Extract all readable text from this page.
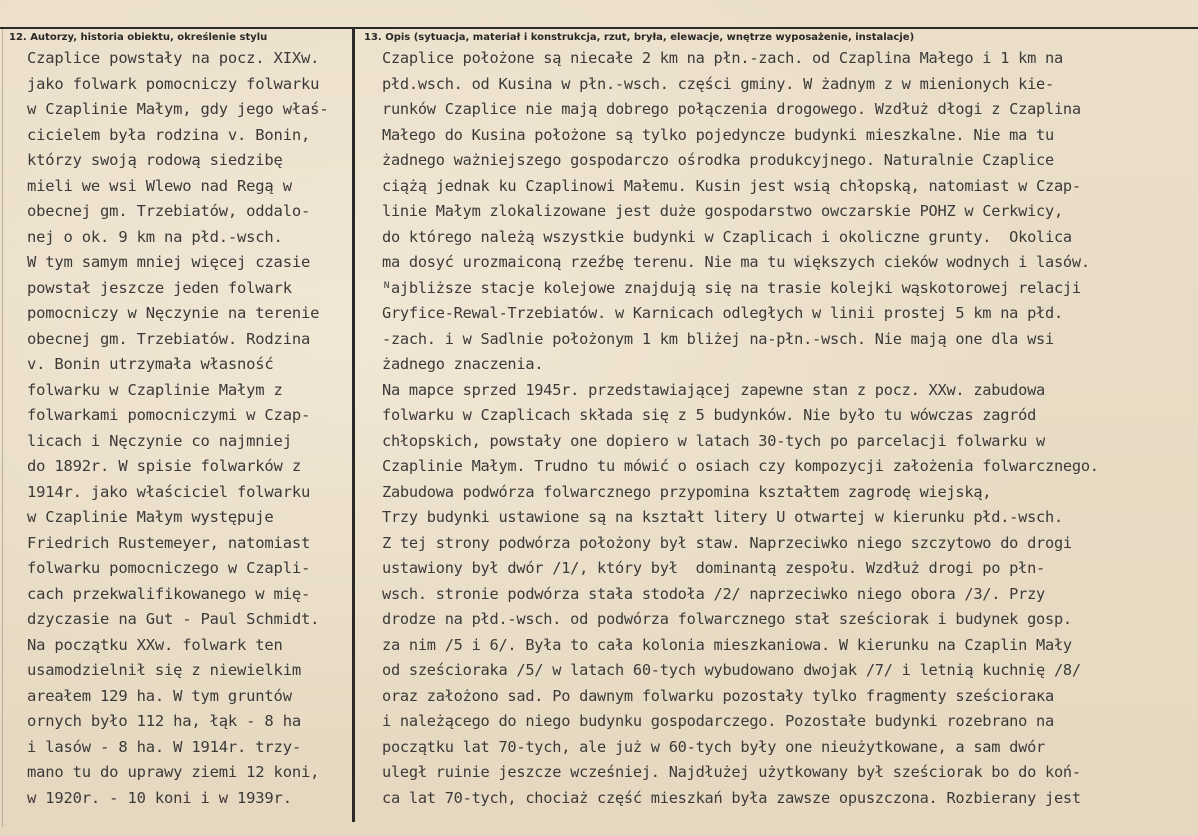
12. Autorzy, historia obiektu, określenie stylu	13. Opis (sytuacja, materiał i konstrukcja, rzut, bryła, elewacje, wnętrze wyposażenie, instalacje)
Czaplice powstały na pocz. XIXw.
jako folwark pomocniczy folwarku
w Czaplinie Małym, gdy jego właś-
cicielem była rodzina v. Bonin,
którzy swoją rodową siedzibę
mieli we wsi Wlewo nad Regą w
obecnej gm. Trzebiatów, oddalo-
nej o ok. 9 km na płd.-wsch.
W tym samym mniej więcej czasie
powstał jeszcze jeden folwark
pomocniczy w Nęczynie na terenie
obecnej gm. Trzebiatów. Rodzina
v. Bonin utrzymała własność
folwarku w Czaplinie Małym z
folwarkami pomocniczymi w Czap-
licach i Nęczynie co najmniej
do 1892r. W spisie folwarków z
1914r. jako właściciel folwarku
w Czaplinie Małym występuje
Friedrich Rustemeyer, natomiast
folwarku pomocniczego w Czapli-
cach przekwalifikowanego w mię-
dzyczasie na Gut - Paul Schmidt.
Na początku XXw. folwark ten
usamodzielnił się z niewielkim
areałem 129 ha. W tym gruntów
ornych było 112 ha, łąk - 8 ha
i lasów - 8 ha. W 1914r. trzy-
mano tu do uprawy ziemi 12 koni,
w 1920r. - 10 koni i w 1939r.
Czaplice położone są niecałe 2 km na płn.-zach. od Czaplina Małego i 1 km na
płd.wsch. od Kusina w płn.-wsch. części gminy. W żadnym z w mienionych kie-
runków Czaplice nie mają dobrego połączenia drogowego. Wzdłuż dłogi z Czaplina
Małego do Kusina położone są tylko pojedyncze budynki mieszkalne. Nie ma tu
żadnego ważniejszego gospodarczo ośrodka produkcyjnego. Naturalnie Czaplice
ciążą jednak ku Czaplinowi Małemu. Kusin jest wsią chłopską, natomiast w Czap-
linie Małym zlokalizowane jest duże gospodarstwo owczarskie POHZ w Cerkwicy,
do którego należą wszystkie budynki w Czaplicach i okoliczne grunty.  Okolica
ma dosyć urozmaiconą rzeźbę terenu. Nie ma tu większych cieków wodnych i lasów.
ᴺajbliższe stacje kolejowe znajdują się na trasie kolejki wąskotorowej relacji
Gryfice-Rewal-Trzebiatów. w Karnicach odległych w linii prostej 5 km na płd.
-zach. i w Sadlnie położonym 1 km bliżej na-płn.-wsch. Nie mają one dla wsi
żadnego znaczenia.
Na mapce sprzed 1945r. przedstawiającej zapewne stan z pocz. XXw. zabudowa
folwarku w Czaplicach składa się z 5 budynków. Nie było tu wówczas zagród
chłopskich, powstały one dopiero w latach 30-tych po parcelacji folwarku w
Czaplinie Małym. Trudno tu mówić o osiach czy kompozycji założenia folwarcznego.
Zabudowa podwórza folwarcznego przypomina kształtem zagrodę wiejską,
Trzy budynki ustawione są na kształt litery U otwartej w kierunku płd.-wsch.
Z tej strony podwórza położony był staw. Naprzeciwko niego szczytowo do drogi
ustawiony był dwór /1/, który był  dominantą zespołu. Wzdłuż drogi po płn-
wsch. stronie podwórza stała stodoła /2/ naprzeciwko niego obora /3/. Przy
drodze na płd.-wsch. od podwórza folwarcznego stał sześciorak i budynek gosp.
za nim /5 i 6/. Była to cała kolonia mieszkaniowa. W kierunku na Czaplin Mały
od sześcioraka /5/ w latach 60-tych wybudowano dwojak /7/ i letnią kuchnię /8/
oraz założono sad. Po dawnym folwarku pozostały tylko fragmenty sześciorака
i należącego do niego budynku gospodarczego. Pozostałe budynki rozebrano na
początku lat 70-tych, ale już w 60-tych były one nieużytkowane, a sam dwór
uległ ruinie jeszcze wcześniej. Najdłużej użytkowany był sześciorak bo do koń-
ca lat 70-tych, chociaż część mieszkań była zawsze opuszczona. Rozbierany jest
